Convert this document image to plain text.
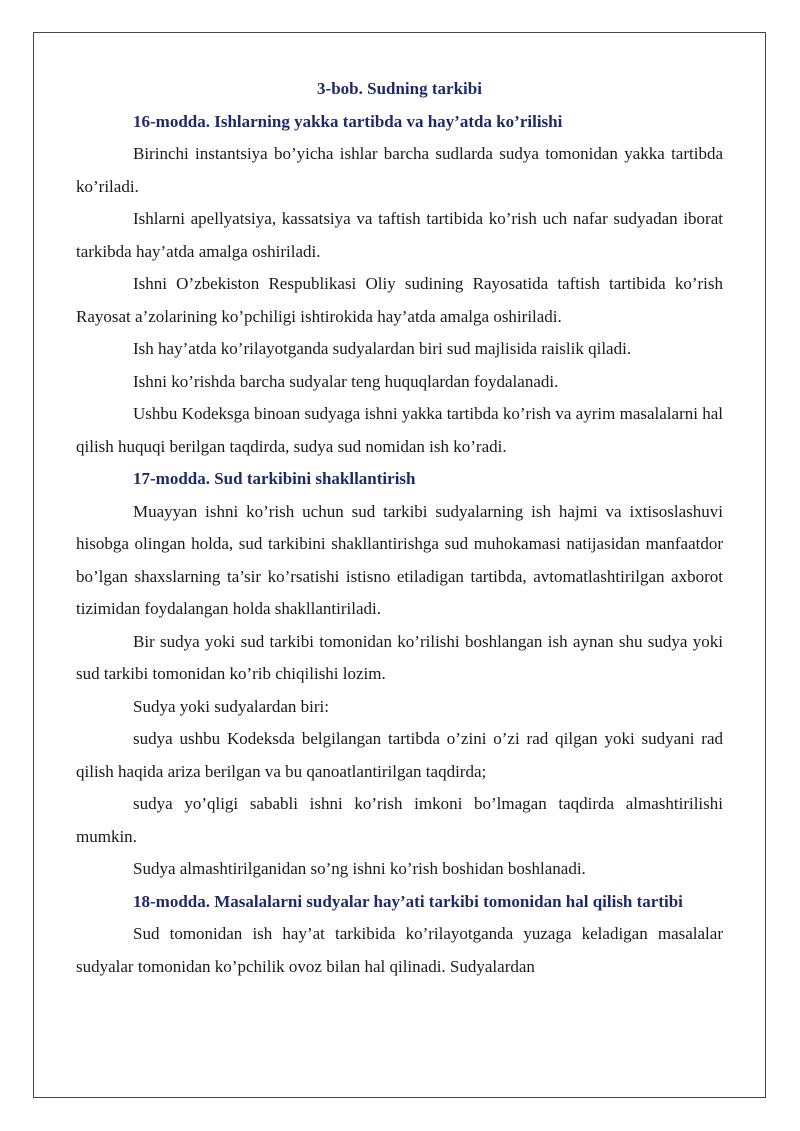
3-bob. Sudning tarkibi

16-modda. Ishlarning yakka tartibda va hay’atda ko’rilishi

Birinchi instantsiya bo’yicha ishlar barcha sudlarda sudya tomonidan yakka tartibda ko’riladi.

Ishlarni apellyatsiya, kassatsiya va taftish tartibida ko’rish uch nafar sudyadan iborat tarkibda hay’atda amalga oshiriladi.

Ishni O’zbekiston Respublikasi Oliy sudining Rayosatida taftish tartibida ko’rish Rayosat a’zolarining ko’pchiligi ishtirokida hay’atda amalga oshiriladi.

Ish hay’atda ko’rilayotganda sudyalardan biri sud majlisida raislik qiladi.

Ishni ko’rishda barcha sudyalar teng huquqlardan foydalanadi.

Ushbu Kodeksga binoan sudyaga ishni yakka tartibda ko’rish va ayrim masalalarni hal qilish huquqi berilgan taqdirda, sudya sud nomidan ish ko’radi.

17-modda. Sud tarkibini shakllantirish

Muayyan ishni ko’rish uchun sud tarkibi sudyalarning ish hajmi va ixtisoslashuvi hisobga olingan holda, sud tarkibini shakllantirishga sud muhokamasi natijasidan manfaatdor bo’lgan shaxslarning ta’sir ko’rsatishi istisno etiladigan tartibda, avtomatlashtirilgan axborot tizimidan foydalangan holda shakllantiriladi.

Bir sudya yoki sud tarkibi tomonidan ko’rilishi boshlangan ish aynan shu sudya yoki sud tarkibi tomonidan ko’rib chiqilishi lozim.

Sudya yoki sudyalardan biri:

sudya ushbu Kodeksda belgilangan tartibda o’zini o’zi rad qilgan yoki sudyani rad qilish haqida ariza berilgan va bu qanoatlantirilgan taqdirda;

sudya yo’qligi sababli ishni ko’rish imkoni bo’lmagan taqdirda almashtirilishi mumkin.

Sudya almashtirilganidan so’ng ishni ko’rish boshidan boshlanadi.

18-modda. Masalalarni sudyalar hay’ati tarkibi tomonidan hal qilish tartibi

Sud tomonidan ish hay’at tarkibida ko’rilayotganda yuzaga keladigan masalalar sudyalar tomonidan ko’pchilik ovoz bilan hal qilinadi. Sudyalardan
